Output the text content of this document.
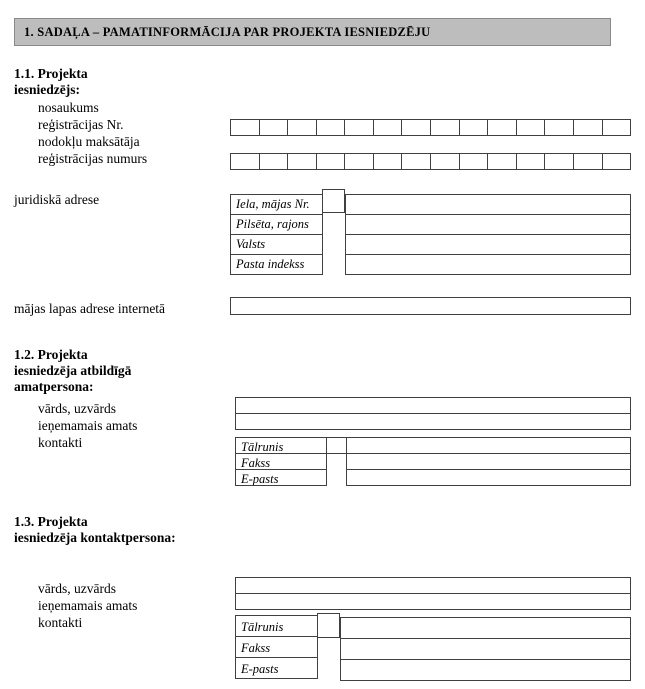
1. SADAĻA – PAMATINFORMĀCIJA PAR PROJEKTA IESNIEDZĒJU
1.1. Projekta
iesniedzējs:
nosaukums
reģistrācijas Nr.
nodokļu maksātāja
reģistrācijas numurs
juridiskā adrese	Iela, mājas Nr.
Pilsēta, rajons
Valsts
Pasta indekss
mājas lapas adrese internetā
1.2. Projekta
iesniedzēja atbildīgā
amatpersona:
vārds, uzvārds
ieņemamais amats
kontakti	Tālrunis
Fakss
E-pasts
1.3. Projekta
iesniedzēja kontaktpersona:
vārds, uzvārds
ieņemamais amats
kontakti	Tālrunis
Fakss
E-pasts
